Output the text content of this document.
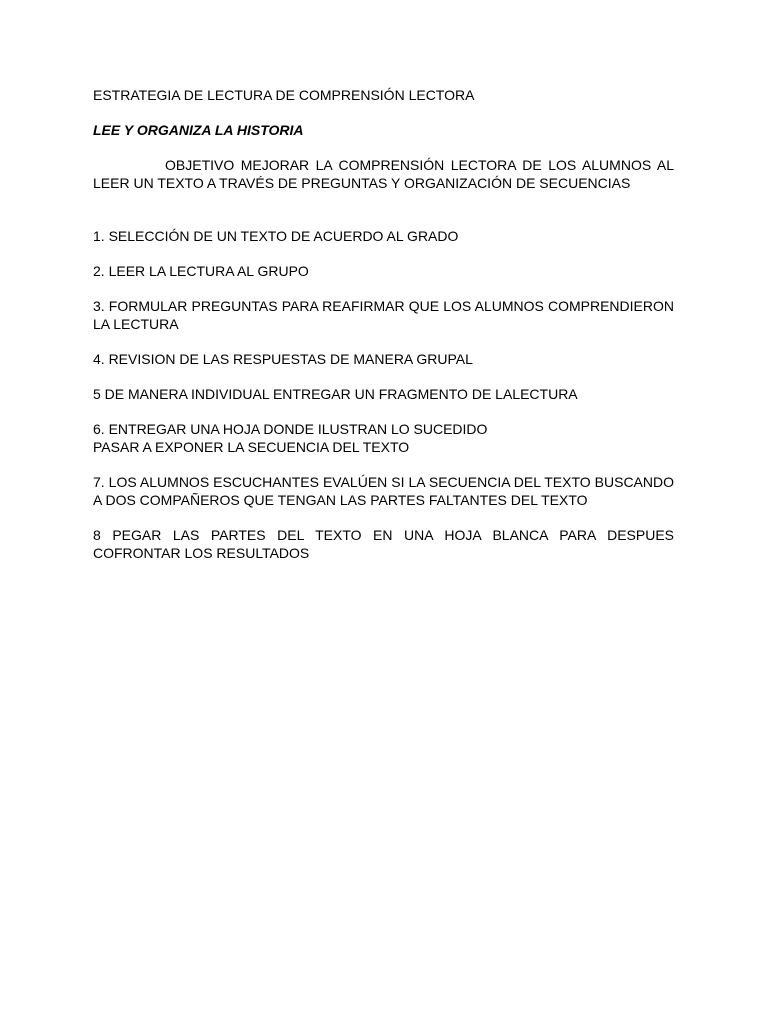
ESTRATEGIA DE LECTURA DE COMPRENSIÓN LECTORA

LEE Y ORGANIZA LA HISTORIA

OBJETIVO MEJORAR LA COMPRENSIÓN LECTORA DE LOS ALUMNOS AL LEER UN TEXTO A TRAVÉS DE PREGUNTAS Y ORGANIZACIÓN DE SECUENCIAS

1. SELECCIÓN DE UN TEXTO DE ACUERDO AL GRADO

2. LEER LA LECTURA AL GRUPO

3. FORMULAR PREGUNTAS PARA REAFIRMAR QUE LOS ALUMNOS COMPRENDIERON LA LECTURA

4. REVISION DE LAS RESPUESTAS DE MANERA GRUPAL

5 DE MANERA INDIVIDUAL ENTREGAR UN FRAGMENTO DE LALECTURA

6. ENTREGAR UNA HOJA DONDE ILUSTRAN LO SUCEDIDO
PASAR A EXPONER LA SECUENCIA DEL TEXTO

7. LOS ALUMNOS ESCUCHANTES EVALÚEN SI LA SECUENCIA DEL TEXTO BUSCANDO A DOS COMPAÑEROS QUE TENGAN LAS PARTES FALTANTES DEL TEXTO

8 PEGAR LAS PARTES DEL TEXTO EN UNA HOJA BLANCA PARA DESPUES COFRONTAR LOS RESULTADOS
